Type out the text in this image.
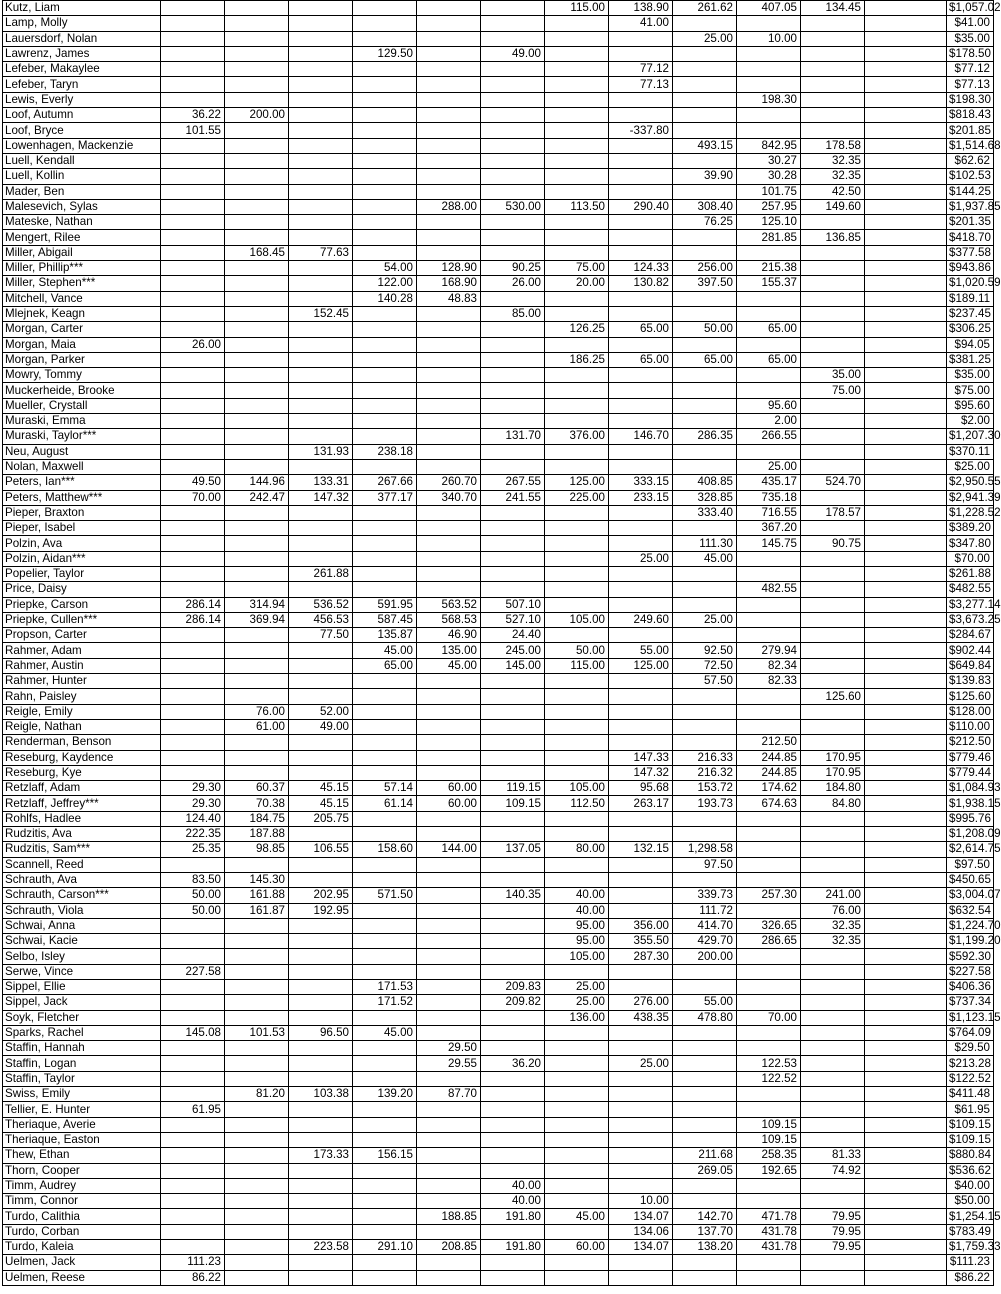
Kutz, Liam							115.00	138.90	261.62	407.05	134.45		$1,057.02
Lamp, Molly								41.00					$41.00
Lauersdorf, Nolan									25.00	10.00			$35.00
Lawrenz, James				129.50		49.00							$178.50
Lefeber, Makaylee								77.12					$77.12
Lefeber, Taryn								77.13					$77.13
Lewis, Everly										198.30			$198.30
Loof, Autumn	36.22	200.00											$818.43
Loof, Bryce	101.55							-337.80					$201.85
Lowenhagen, Mackenzie									493.15	842.95	178.58		$1,514.68
Luell, Kendall										30.27	32.35		$62.62
Luell, Kollin									39.90	30.28	32.35		$102.53
Mader, Ben										101.75	42.50		$144.25
Malesevich, Sylas					288.00	530.00	113.50	290.40	308.40	257.95	149.60		$1,937.85
Mateske, Nathan									76.25	125.10			$201.35
Mengert, Rilee										281.85	136.85		$418.70
Miller, Abigail		168.45	77.63										$377.58
Miller, Phillip***				54.00	128.90	90.25	75.00	124.33	256.00	215.38			$943.86
Miller, Stephen***				122.00	168.90	26.00	20.00	130.82	397.50	155.37			$1,020.59
Mitchell, Vance				140.28	48.83								$189.11
Mlejnek, Keagn			152.45			85.00							$237.45
Morgan, Carter							126.25	65.00	50.00	65.00			$306.25
Morgan, Maia	26.00												$94.05
Morgan, Parker							186.25	65.00	65.00	65.00			$381.25
Mowry, Tommy											35.00		$35.00
Muckerheide, Brooke											75.00		$75.00
Mueller, Crystall										95.60			$95.60
Muraski, Emma										2.00			$2.00
Muraski, Taylor***						131.70	376.00	146.70	286.35	266.55			$1,207.30
Neu, August			131.93	238.18									$370.11
Nolan, Maxwell										25.00			$25.00
Peters, Ian***	49.50	144.96	133.31	267.66	260.70	267.55	125.00	333.15	408.85	435.17	524.70		$2,950.55
Peters, Matthew***	70.00	242.47	147.32	377.17	340.70	241.55	225.00	233.15	328.85	735.18			$2,941.39
Pieper, Braxton									333.40	716.55	178.57		$1,228.52
Pieper, Isabel										367.20			$389.20
Polzin, Ava									111.30	145.75	90.75		$347.80
Polzin, Aidan***								25.00	45.00				$70.00
Popelier, Taylor			261.88										$261.88
Price, Daisy										482.55			$482.55
Priepke, Carson	286.14	314.94	536.52	591.95	563.52	507.10							$3,277.14
Priepke, Cullen***	286.14	369.94	456.53	587.45	568.53	527.10	105.00	249.60	25.00				$3,673.25
Propson, Carter			77.50	135.87	46.90	24.40							$284.67
Rahmer, Adam				45.00	135.00	245.00	50.00	55.00	92.50	279.94			$902.44
Rahmer, Austin				65.00	45.00	145.00	115.00	125.00	72.50	82.34			$649.84
Rahmer, Hunter									57.50	82.33			$139.83
Rahn, Paisley											125.60		$125.60
Reigle, Emily		76.00	52.00										$128.00
Reigle, Nathan		61.00	49.00										$110.00
Renderman, Benson										212.50			$212.50
Reseburg, Kaydence								147.33	216.33	244.85	170.95		$779.46
Reseburg, Kye								147.32	216.32	244.85	170.95		$779.44
Retzlaff, Adam	29.30	60.37	45.15	57.14	60.00	119.15	105.00	95.68	153.72	174.62	184.80		$1,084.93
Retzlaff, Jeffrey***	29.30	70.38	45.15	61.14	60.00	109.15	112.50	263.17	193.73	674.63	84.80		$1,938.15
Rohlfs, Hadlee	124.40	184.75	205.75										$995.76
Rudzitis, Ava	222.35	187.88											$1,208.09
Rudzitis, Sam***	25.35	98.85	106.55	158.60	144.00	137.05	80.00	132.15	1,298.58				$2,614.75
Scannell, Reed									97.50				$97.50
Schrauth, Ava	83.50	145.30											$450.65
Schrauth, Carson***	50.00	161.88	202.95	571.50		140.35	40.00		339.73	257.30	241.00		$3,004.07
Schrauth, Viola	50.00	161.87	192.95				40.00		111.72		76.00		$632.54
Schwai, Anna							95.00	356.00	414.70	326.65	32.35		$1,224.70
Schwai, Kacie							95.00	355.50	429.70	286.65	32.35		$1,199.20
Selbo, Isley							105.00	287.30	200.00				$592.30
Serwe, Vince	227.58												$227.58
Sippel, Ellie				171.53		209.83	25.00						$406.36
Sippel, Jack				171.52		209.82	25.00	276.00	55.00				$737.34
Soyk, Fletcher							136.00	438.35	478.80	70.00			$1,123.15
Sparks, Rachel	145.08	101.53	96.50	45.00									$764.09
Staffin, Hannah					29.50								$29.50
Staffin, Logan					29.55	36.20		25.00		122.53			$213.28
Staffin, Taylor										122.52			$122.52
Swiss, Emily		81.20	103.38	139.20	87.70								$411.48
Tellier, E. Hunter	61.95												$61.95
Theriaque, Averie										109.15			$109.15
Theriaque, Easton										109.15			$109.15
Thew, Ethan			173.33	156.15					211.68	258.35	81.33		$880.84
Thorn, Cooper									269.05	192.65	74.92		$536.62
Timm, Audrey						40.00							$40.00
Timm, Connor						40.00		10.00					$50.00
Turdo, Calithia					188.85	191.80	45.00	134.07	142.70	471.78	79.95		$1,254.15
Turdo, Corban								134.06	137.70	431.78	79.95		$783.49
Turdo, Kaleia			223.58	291.10	208.85	191.80	60.00	134.07	138.20	431.78	79.95		$1,759.33
Uelmen, Jack	111.23												$111.23
Uelmen, Reese	86.22												$86.22
